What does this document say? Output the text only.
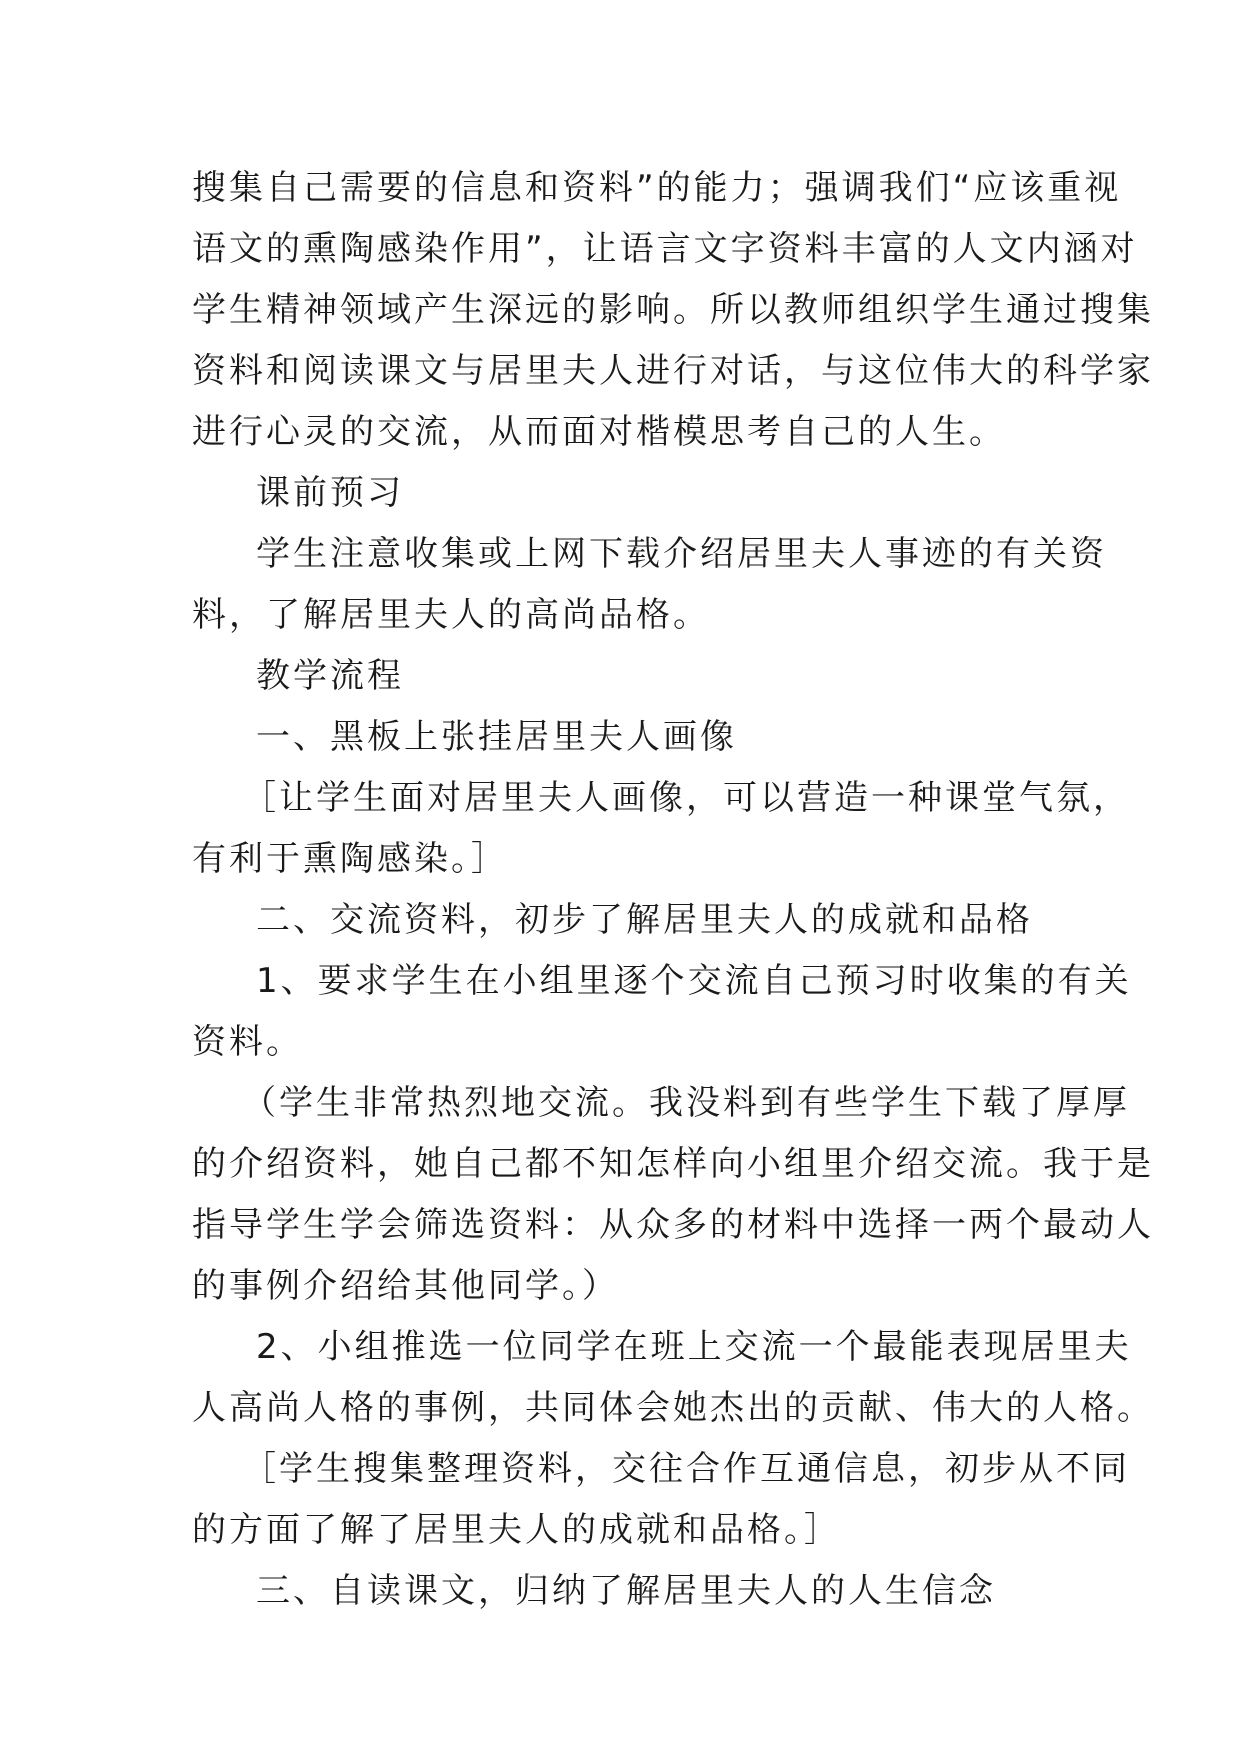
搜集自己需要的信息和资料”的能力；强调我们“应该重视
语文的熏陶感染作用”，让语言文字资料丰富的人文内涵对
学生精神领域产生深远的影响。所以教师组织学生通过搜集
资料和阅读课文与居里夫人进行对话，与这位伟大的科学家
进行心灵的交流，从而面对楷模思考自己的人生。
课前预习
学生注意收集或上网下载介绍居里夫人事迹的有关资
料，了解居里夫人的高尚品格。
教学流程
一、黑板上张挂居里夫人画像
［让学生面对居里夫人画像，可以营造一种课堂气氛，
有利于熏陶感染。］
二、交流资料，初步了解居里夫人的成就和品格
1、要求学生在小组里逐个交流自己预习时收集的有关
资料。
（学生非常热烈地交流。我没料到有些学生下载了厚厚
的介绍资料，她自己都不知怎样向小组里介绍交流。我于是
指导学生学会筛选资料：从众多的材料中选择一两个最动人
的事例介绍给其他同学。）
2、小组推选一位同学在班上交流一个最能表现居里夫
人高尚人格的事例，共同体会她杰出的贡献、伟大的人格。
［学生搜集整理资料，交往合作互通信息，初步从不同
的方面了解了居里夫人的成就和品格。］
三、自读课文，归纳了解居里夫人的人生信念
